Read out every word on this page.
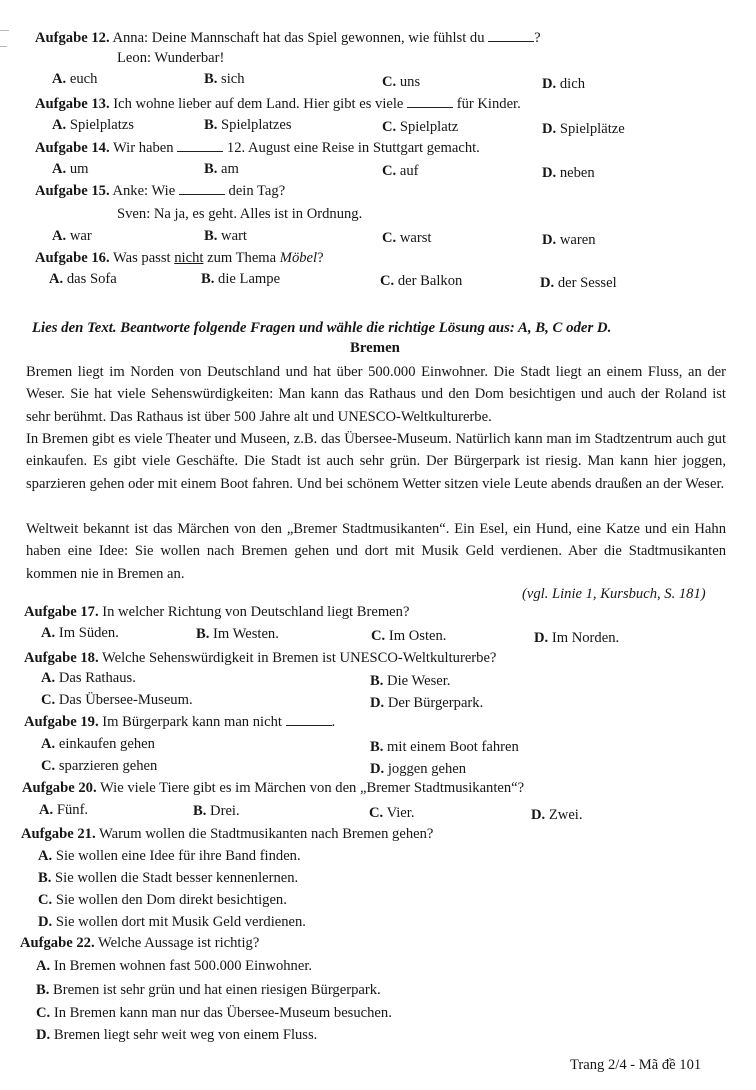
Aufgabe 12. Anna: Deine Mannschaft hat das Spiel gewonnen, wie fühlst du	?
Leon: Wunderbar!
A. euch	B. sich	C. uns	D. dich
Aufgabe 13. Ich wohne lieber auf dem Land. Hier gibt es viele	für Kinder.
A. Spielplatzs	B. Spielplatzes	C. Spielplatz	D. Spielplätze
Aufgabe 14. Wir haben	12. August eine Reise in Stuttgart gemacht.
A. um	B. am	C. auf	D. neben
Aufgabe 15. Anke: Wie	dein Tag?
Sven: Na ja, es geht. Alles ist in Ordnung.
A. war	B. wart	C. warst	D. waren
Aufgabe 16. Was passt nicht zum Thema Möbel?
A. das Sofa	B. die Lampe	C. der Balkon	D. der Sessel
Lies den Text. Beantworte folgende Fragen und wähle die richtige Lösung aus: A, B, C oder D.
Bremen
Bremen liegt im Norden von Deutschland und hat über 500.000 Einwohner. Die Stadt liegt an einem Fluss, an der Weser. Sie hat viele Sehenswürdigkeiten: Man kann das Rathaus und den Dom besichtigen und auch der Roland ist sehr berühmt. Das Rathaus ist über 500 Jahre alt und UNESCO-Weltkulturerbe.
In Bremen gibt es viele Theater und Museen, z.B. das Übersee-Museum. Natürlich kann man im Stadtzentrum auch gut einkaufen. Es gibt viele Geschäfte. Die Stadt ist auch sehr grün. Der Bürgerpark ist riesig. Man kann hier joggen, sparzieren gehen oder mit einem Boot fahren. Und bei schönem Wetter sitzen viele Leute abends draußen an der Weser.
Weltweit bekannt ist das Märchen von den „Bremer Stadtmusikanten“. Ein Esel, ein Hund, eine Katze und ein Hahn haben eine Idee: Sie wollen nach Bremen gehen und dort mit Musik Geld verdienen. Aber die Stadtmusikanten kommen nie in Bremen an.
(vgl. Linie 1, Kursbuch, S. 181)
Aufgabe 17. In welcher Richtung von Deutschland liegt Bremen?
A. Im Süden.	B. Im Westen.	C. Im Osten.	D. Im Norden.
Aufgabe 18. Welche Sehenswürdigkeit in Bremen ist UNESCO-Weltkulturerbe?
A. Das Rathaus.	B. Die Weser.
C. Das Übersee-Museum.	D. Der Bürgerpark.
Aufgabe 19. Im Bürgerpark kann man nicht	.
A. einkaufen gehen	B. mit einem Boot fahren
C. sparzieren gehen	D. joggen gehen
Aufgabe 20. Wie viele Tiere gibt es im Märchen von den „Bremer Stadtmusikanten“?
A. Fünf.	B. Drei.	C. Vier.	D. Zwei.
Aufgabe 21. Warum wollen die Stadtmusikanten nach Bremen gehen?
A. Sie wollen eine Idee für ihre Band finden.
B. Sie wollen die Stadt besser kennenlernen.
C. Sie wollen den Dom direkt besichtigen.
D. Sie wollen dort mit Musik Geld verdienen.
Aufgabe 22. Welche Aussage ist richtig?
A. In Bremen wohnen fast 500.000 Einwohner.
B. Bremen ist sehr grün und hat einen riesigen Bürgerpark.
C. In Bremen kann man nur das Übersee-Museum besuchen.
D. Bremen liegt sehr weit weg von einem Fluss.
Trang 2/4 - Mã đề 101
